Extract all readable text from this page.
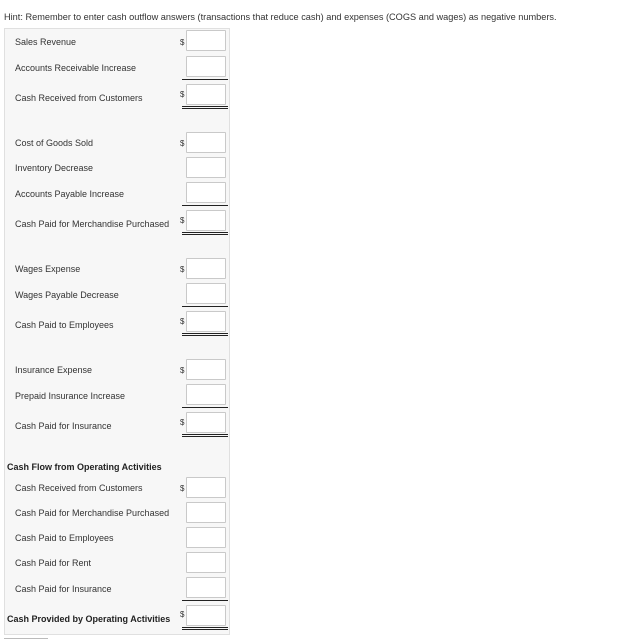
Hint: Remember to enter cash outflow answers (transactions that reduce cash) and expenses (COGS and wages) as negative numbers.
Sales Revenue	$
Accounts Receivable Increase
Cash Received from Customers	$
Cost of Goods Sold	$
Inventory Decrease
Accounts Payable Increase
Cash Paid for Merchandise Purchased $
Wages Expense	$
Wages Payable Decrease
Cash Paid to Employees	$
Insurance Expense	$
Prepaid Insurance Increase
Cash Paid for Insurance	$
Cash Flow from Operating Activities
Cash Received from Customers	$
Cash Paid for Merchandise Purchased
Cash Paid to Employees
Cash Paid for Rent
Cash Paid for Insurance
Cash Provided by Operating Activities $
